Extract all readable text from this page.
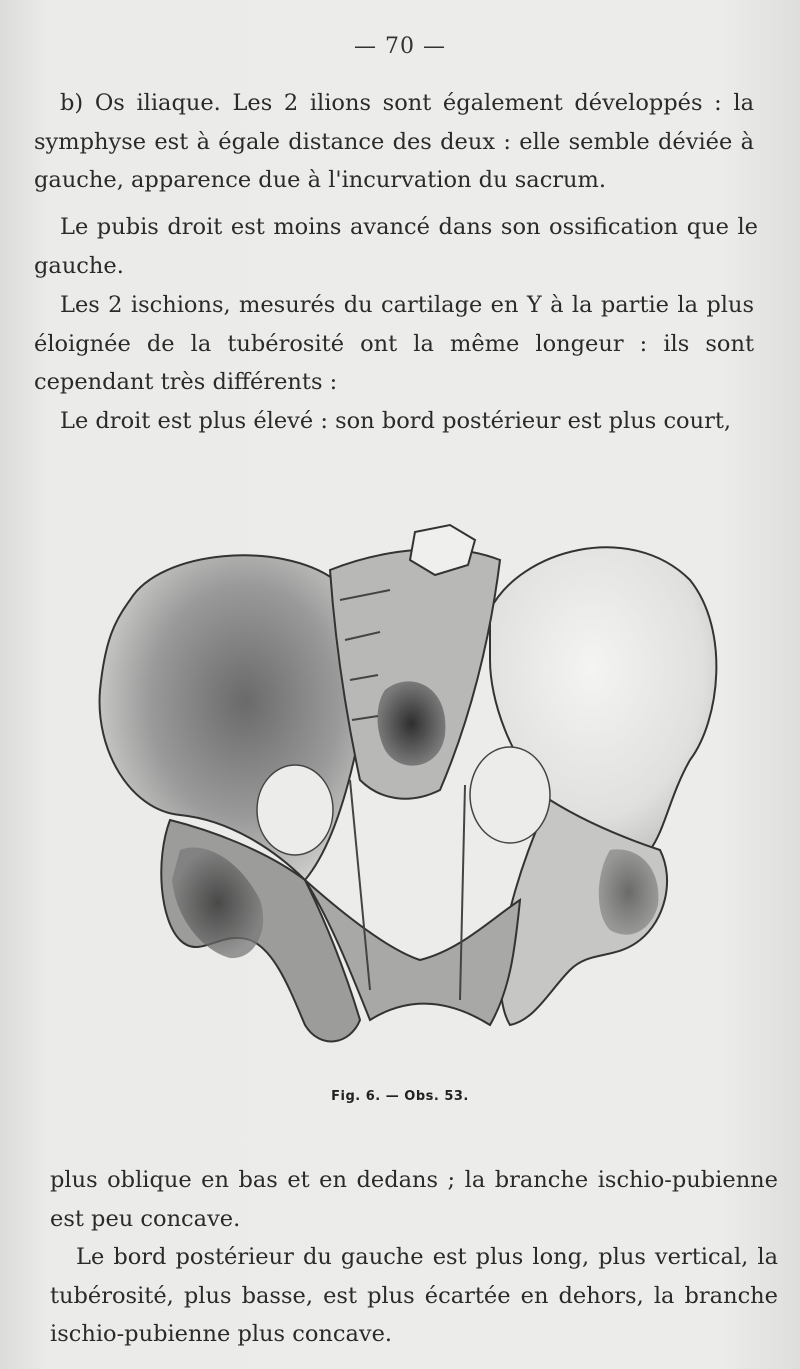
— 70 —

b) Os iliaque. Les 2 ilions sont également développés : la symphyse est à égale distance des deux : elle semble déviée à gauche, apparence due à l'incurvation du sacrum.

Le pubis droit est moins avancé dans son ossification que le gauche.

Les 2 ischions, mesurés du cartilage en Y à la partie la plus éloignée de la tubérosité ont la même longeur : ils sont cependant très différents :

Le droit est plus élevé : son bord postérieur est plus court,

Fig. 6. — Obs. 53.

plus oblique en bas et en dedans ; la branche ischio-pubienne est peu concave.

Le bord postérieur du gauche est plus long, plus vertical, la tubérosité, plus basse, est plus écartée en dehors, la branche ischio-pubienne plus concave.
